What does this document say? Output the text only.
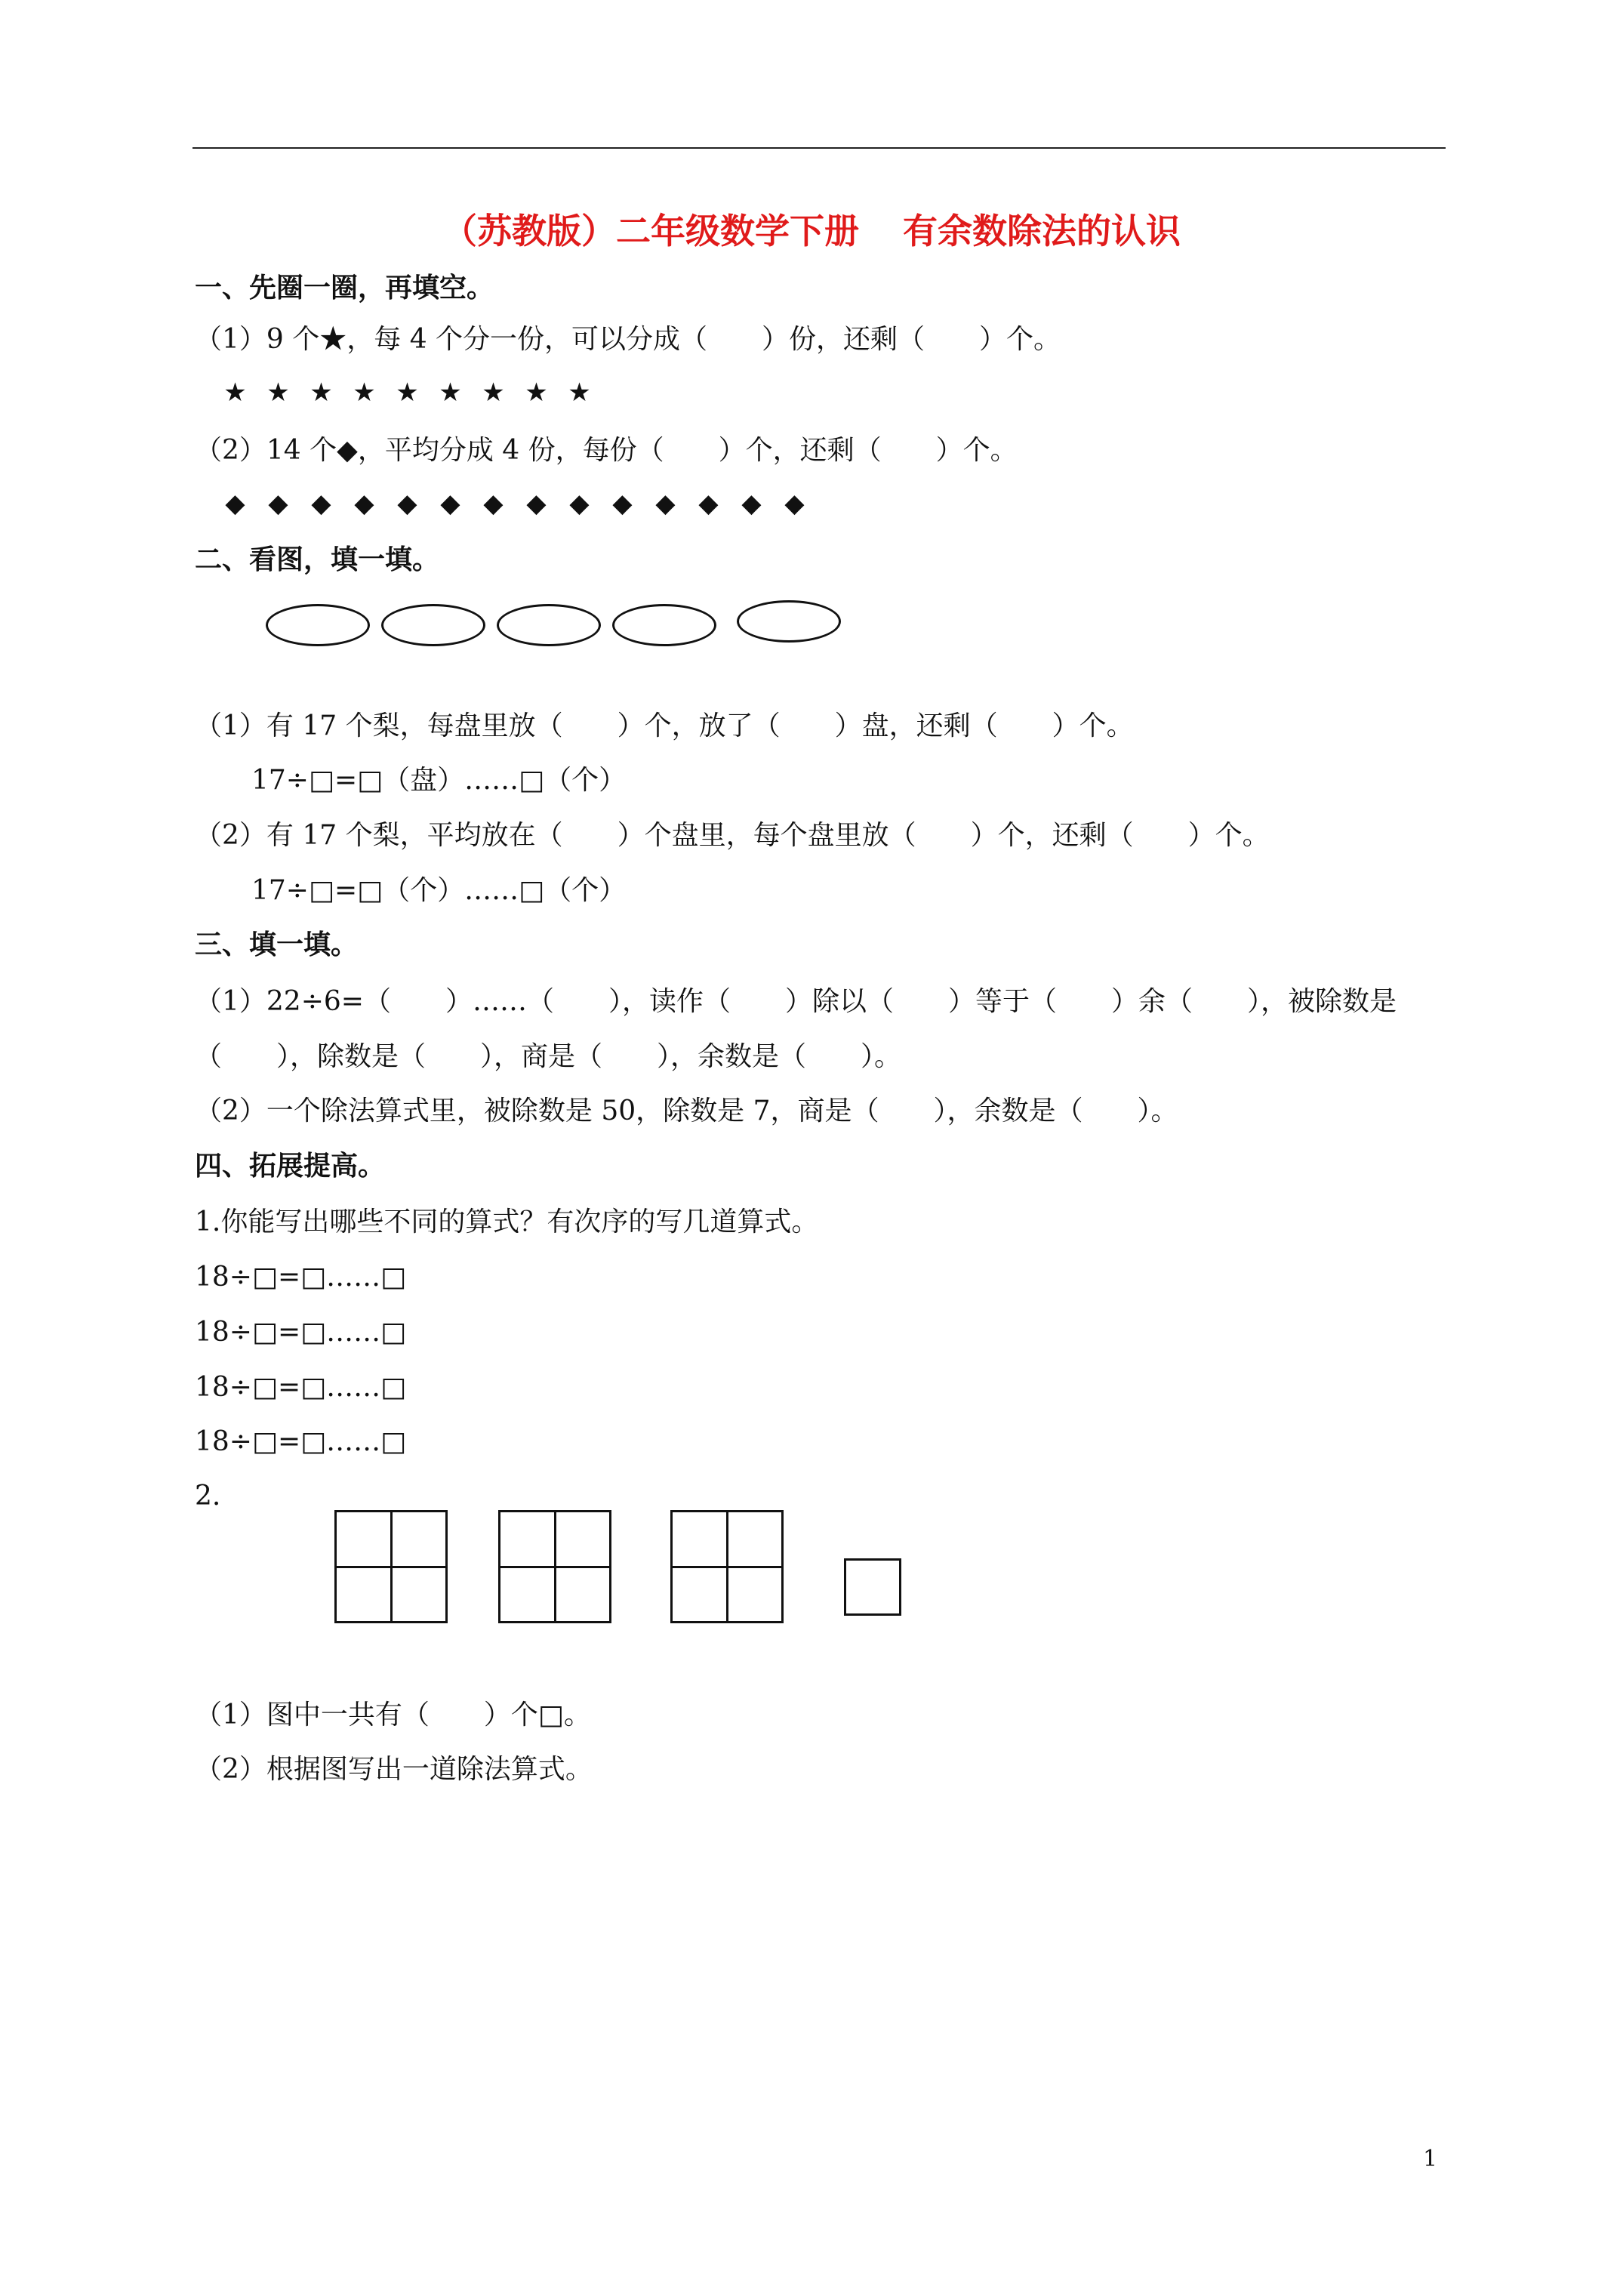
（苏教版）二年级数学下册 有余数除法的认识
一、先圈一圈，再填空。
（1）9 个★，每 4 个分一份，可以分成（　　）份，还剩（　　）个。
★ ★ ★ ★ ★ ★ ★ ★ ★
（2）14 个◆，平均分成 4 份，每份（　　）个，还剩（　　）个。
◆ ◆ ◆ ◆ ◆ ◆ ◆ ◆ ◆ ◆ ◆ ◆ ◆ ◆
二、看图，填一填。
（1）有 17 个梨，每盘里放（　　）个，放了（　　）盘，还剩（　　）个。
17÷□=□（盘）……□（个）
（2）有 17 个梨，平均放在（　　）个盘里，每个盘里放（　　）个，还剩（　　）个。
17÷□=□（个）……□（个）
三、填一填。
（1）22÷6=（　　）……（　　），读作（　　）除以（　　）等于（　　）余（　　），被除数是
（　　），除数是（　　），商是（　　），余数是（　　）。
（2）一个除法算式里，被除数是 50，除数是 7，商是（　　），余数是（　　）。
四、拓展提高。
1.你能写出哪些不同的算式？有次序的写几道算式。
18÷□=□……□
18÷□=□……□
18÷□=□……□
18÷□=□……□
2.
（1）图中一共有（　　）个□。
（2）根据图写出一道除法算式。
1
